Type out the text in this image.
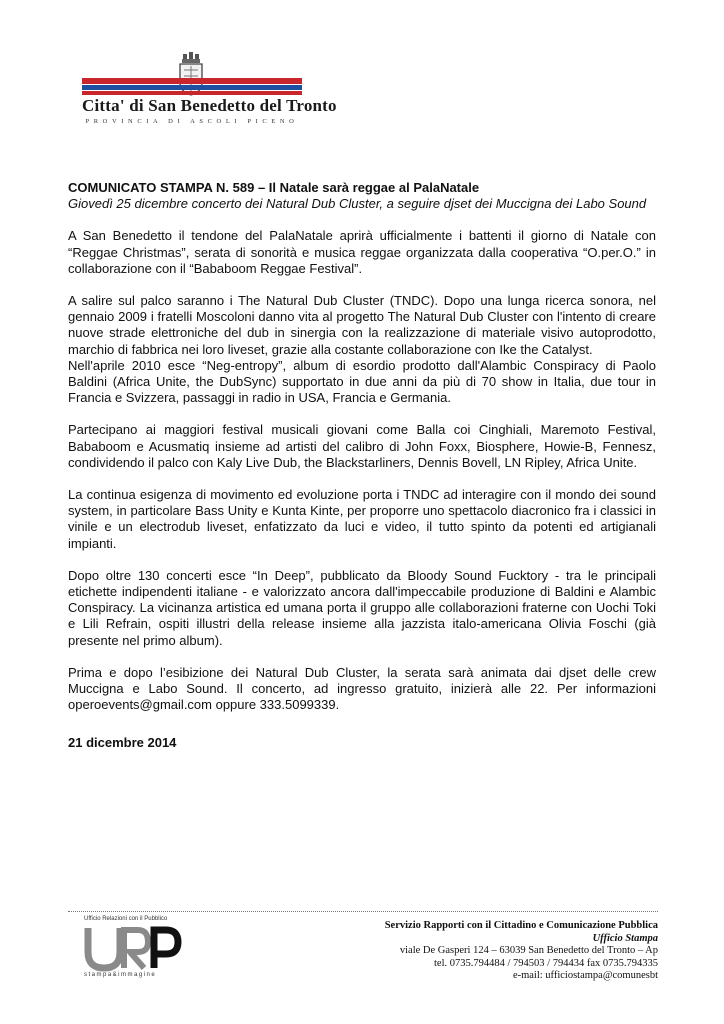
Citta' di San Benedetto del Tronto
PROVINCIA DI ASCOLI PICENO

COMUNICATO STAMPA N. 589 – Il Natale sarà reggae al PalaNatale

Giovedì 25 dicembre concerto dei Natural Dub Cluster, a seguire djset dei Muccigna dei Labo Sound

A San Benedetto il tendone del PalaNatale aprirà ufficialmente i battenti il giorno di Natale con “Reggae Christmas”, serata di sonorità e musica reggae organizzata dalla cooperativa “O.per.O.” in collaborazione con il “Bababoom Reggae Festival”.

A salire sul palco saranno i The Natural Dub Cluster (TNDC). Dopo una lunga ricerca sonora, nel gennaio 2009 i fratelli Moscoloni danno vita al progetto The Natural Dub Cluster con l'intento di creare nuove strade elettroniche del dub in sinergia con la realizzazione di materiale visivo autoprodotto, marchio di fabbrica nei loro liveset, grazie alla costante collaborazione con Ike the Catalyst.

Nell'aprile 2010 esce “Neg-entropy”, album di esordio prodotto dall'Alambic Conspiracy di Paolo Baldini (Africa Unite, the DubSync) supportato in due anni da più di 70 show in Italia, due tour in Francia e Svizzera, passaggi in radio in USA, Francia e Germania.

Partecipano ai maggiori festival musicali giovani come Balla coi Cinghiali, Maremoto Festival, Bababoom e Acusmatiq insieme ad artisti del calibro di John Foxx, Biosphere, Howie-B, Fennesz, condividendo il palco con Kaly Live Dub, the Blackstarliners, Dennis Bovell, LN Ripley, Africa Unite.

La continua esigenza di movimento ed evoluzione porta i TNDC ad interagire con il mondo dei sound system, in particolare Bass Unity e Kunta Kinte, per proporre uno spettacolo diacronico fra i classici in vinile e un electrodub liveset, enfatizzato da luci e video, il tutto spinto da potenti ed artigianali impianti.

Dopo oltre 130 concerti esce “In Deep”, pubblicato da Bloody Sound Fucktory - tra le principali etichette indipendenti italiane - e valorizzato ancora dall'impeccabile produzione di Baldini e Alambic Conspiracy. La vicinanza artistica ed umana porta il gruppo alle collaborazioni fraterne con Uochi Toki e Lili Refrain, ospiti illustri della release insieme alla jazzista italo-americana Olivia Foschi (già presente nel primo album).

Prima e dopo l’esibizione dei Natural Dub Cluster, la serata sarà animata dai djset delle crew Muccigna e Labo Sound. Il concerto, ad ingresso gratuito, inizierà alle 22. Per informazioni operoevents@gmail.com oppure 333.5099339.

21 dicembre 2014

Ufficio Relazioni con il Pubblico
stampa&immagine
Servizio Rapporti con il Cittadino e Comunicazione Pubblica
Ufficio Stampa
viale De Gasperi 124 – 63039 San Benedetto del Tronto – Ap
tel. 0735.794484 / 794503 / 794434 fax 0735.794335
e-mail: ufficiostampa@comunesbt
